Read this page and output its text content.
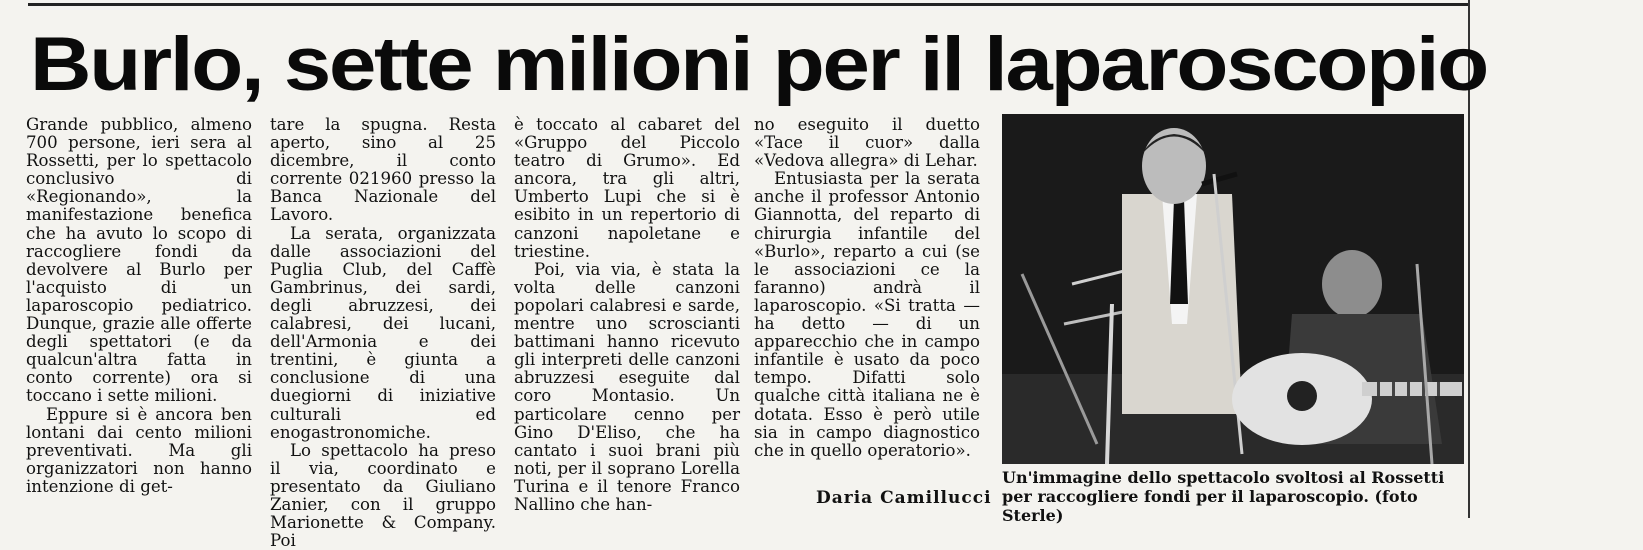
Burlo, sette milioni per il laparoscopio

Grande pubblico, almeno 700 persone, ieri sera al Rossetti, per lo spettacolo conclusivo di «Regionando», la manifestazione benefica che ha avuto lo scopo di raccogliere fondi da devolvere al Burlo per l'acquisto di un laparoscopio pediatrico. Dunque, grazie alle offerte degli spettatori (e da qualcun'altra fatta in conto corrente) ora si toccano i sette milioni.

Eppure si è ancora ben lontani dai cento milioni preventivati. Ma gli organizzatori non hanno intenzione di get-

tare la spugna. Resta aperto, sino al 25 dicembre, il conto corrente 021960 presso la Banca Nazionale del Lavoro.

La serata, organizzata dalle associazioni del Puglia Club, del Caffè Gambrinus, dei sardi, degli abruzzesi, dei calabresi, dei lucani, dell'Armonia e dei trentini, è giunta a conclusione di una duegiorni di iniziative culturali ed enogastronomiche.

Lo spettacolo ha preso il via, coordinato e presentato da Giuliano Zanier, con il gruppo Marionette & Company. Poi

è toccato al cabaret del «Gruppo del Piccolo teatro di Grumo». Ed ancora, tra gli altri, Umberto Lupi che si è esibito in un repertorio di canzoni napoletane e triestine.

Poi, via via, è stata la volta delle canzoni popolari calabresi e sarde, mentre uno scroscianti battimani hanno ricevuto gli interpreti delle canzoni abruzzesi eseguite dal coro Montasio. Un particolare cenno per Gino D'Eliso, che ha cantato i suoi brani più noti, per il soprano Lorella Turina e il tenore Franco Nallino che han-

no eseguito il duetto «Tace il cuor» dalla «Vedova allegra» di Lehar.

Entusiasta per la serata anche il professor Antonio Giannotta, del reparto di chirurgia infantile del «Burlo», reparto a cui (se le associazioni ce la faranno) andrà il laparoscopio. «Si tratta — ha detto — di un apparecchio che in campo infantile è usato da poco tempo. Difatti solo qualche città italiana ne è dotata. Esso è però utile sia in campo diagnostico che in quello operatorio».

Daria Camillucci
Un'immagine dello spettacolo svoltosi al Rossetti per raccogliere fondi per il laparoscopio. (foto Sterle)
